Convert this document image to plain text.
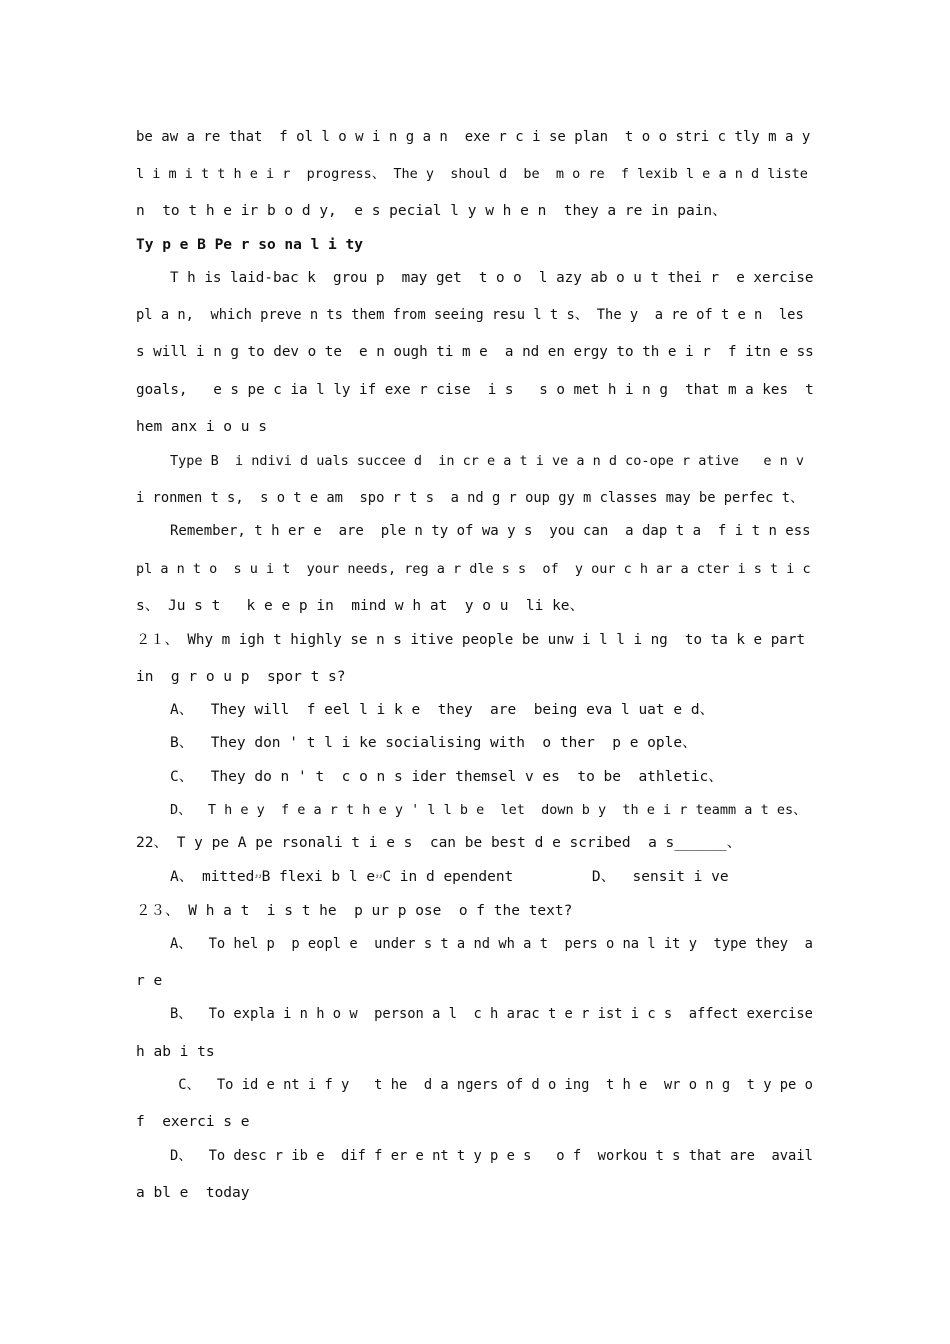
be aw a re that  f ol l o w i n g a n  exe r c i se plan  t o o stri c tly m a y
l i m i t t h e i r  progress、 The y  shoul d  be  m o re  f lexib l e a n d liste
n  to t h e ir b o d y,  e s pecial l y w h e n  they a re in pain、
Ty p e B Pe r so na l i ty
T h is laid-bac k  grou p  may get  t o o  l azy ab o u t thei r  e xercise
pl a n,  which preve n ts them from seeing resu l t s、 The y  a re of t e n  les
s will i n g to dev o te  e n ough ti m e  a nd en ergy to th e i r  f itn e ss
goals,   e s pe c ia l ly if exe r cise  i s   s o met h i n g  that m a kes  t
hem anx i o u s
Type B  i ndivi d uals succee d  in cr e a t i ve a n d co-ope r ative   e n v
i ronmen t s,  s o t e am  spo r t s  a nd g r oup gy m classes may be perfec t、
Remember, t h er e  are  ple n ty of wa y s  you can  a dap t a  f i t n ess
pl a n t o  s u i t  your needs, reg a r dle s s  of  y our c h ar a cter i s t i c
s、 Ju s t   k e e p in  mind w h at  y o u  li ke、
２１、 Why m igh t highly se n s itive people be unw i l l i ng  to ta k e part
in  g r o u p  spor t s?
A、  They will  f eel l i k e  they  are  being eva l uat e d、
B、  They don ' t l i ke socialising with  o ther  p e ople、
C、  They do n ' t  c o n s ider themsel v es  to be  athletic、
D、  T h e y  f e a r t h e y ' l l b e  let  down b y  th e i r teamm a t es、
22、 T y pe A pe rsonali t i e s  can be best d e scribed  a s______、
A、 mittedۥۥB flexi b l eۥۥC in d ependent         D、  sensit i ve
２３、 W h a t  i s t he  p ur p ose  o f the text?
A、  To hel p  p eopl e  under s t a nd wh a t  pers o na l it y  type they  a
r e
B、  To expla i n h o w  person a l  c h arac t e r ist i c s  affect exercise
h ab i ts
C、  To id e nt i f y   t he  d a ngers of d o ing  t h e  wr o n g  t y pe o
f  exerci s e
D、  To desc r ib e  dif f er e nt t y p e s   o f  workou t s that are  avail
a bl e  today
